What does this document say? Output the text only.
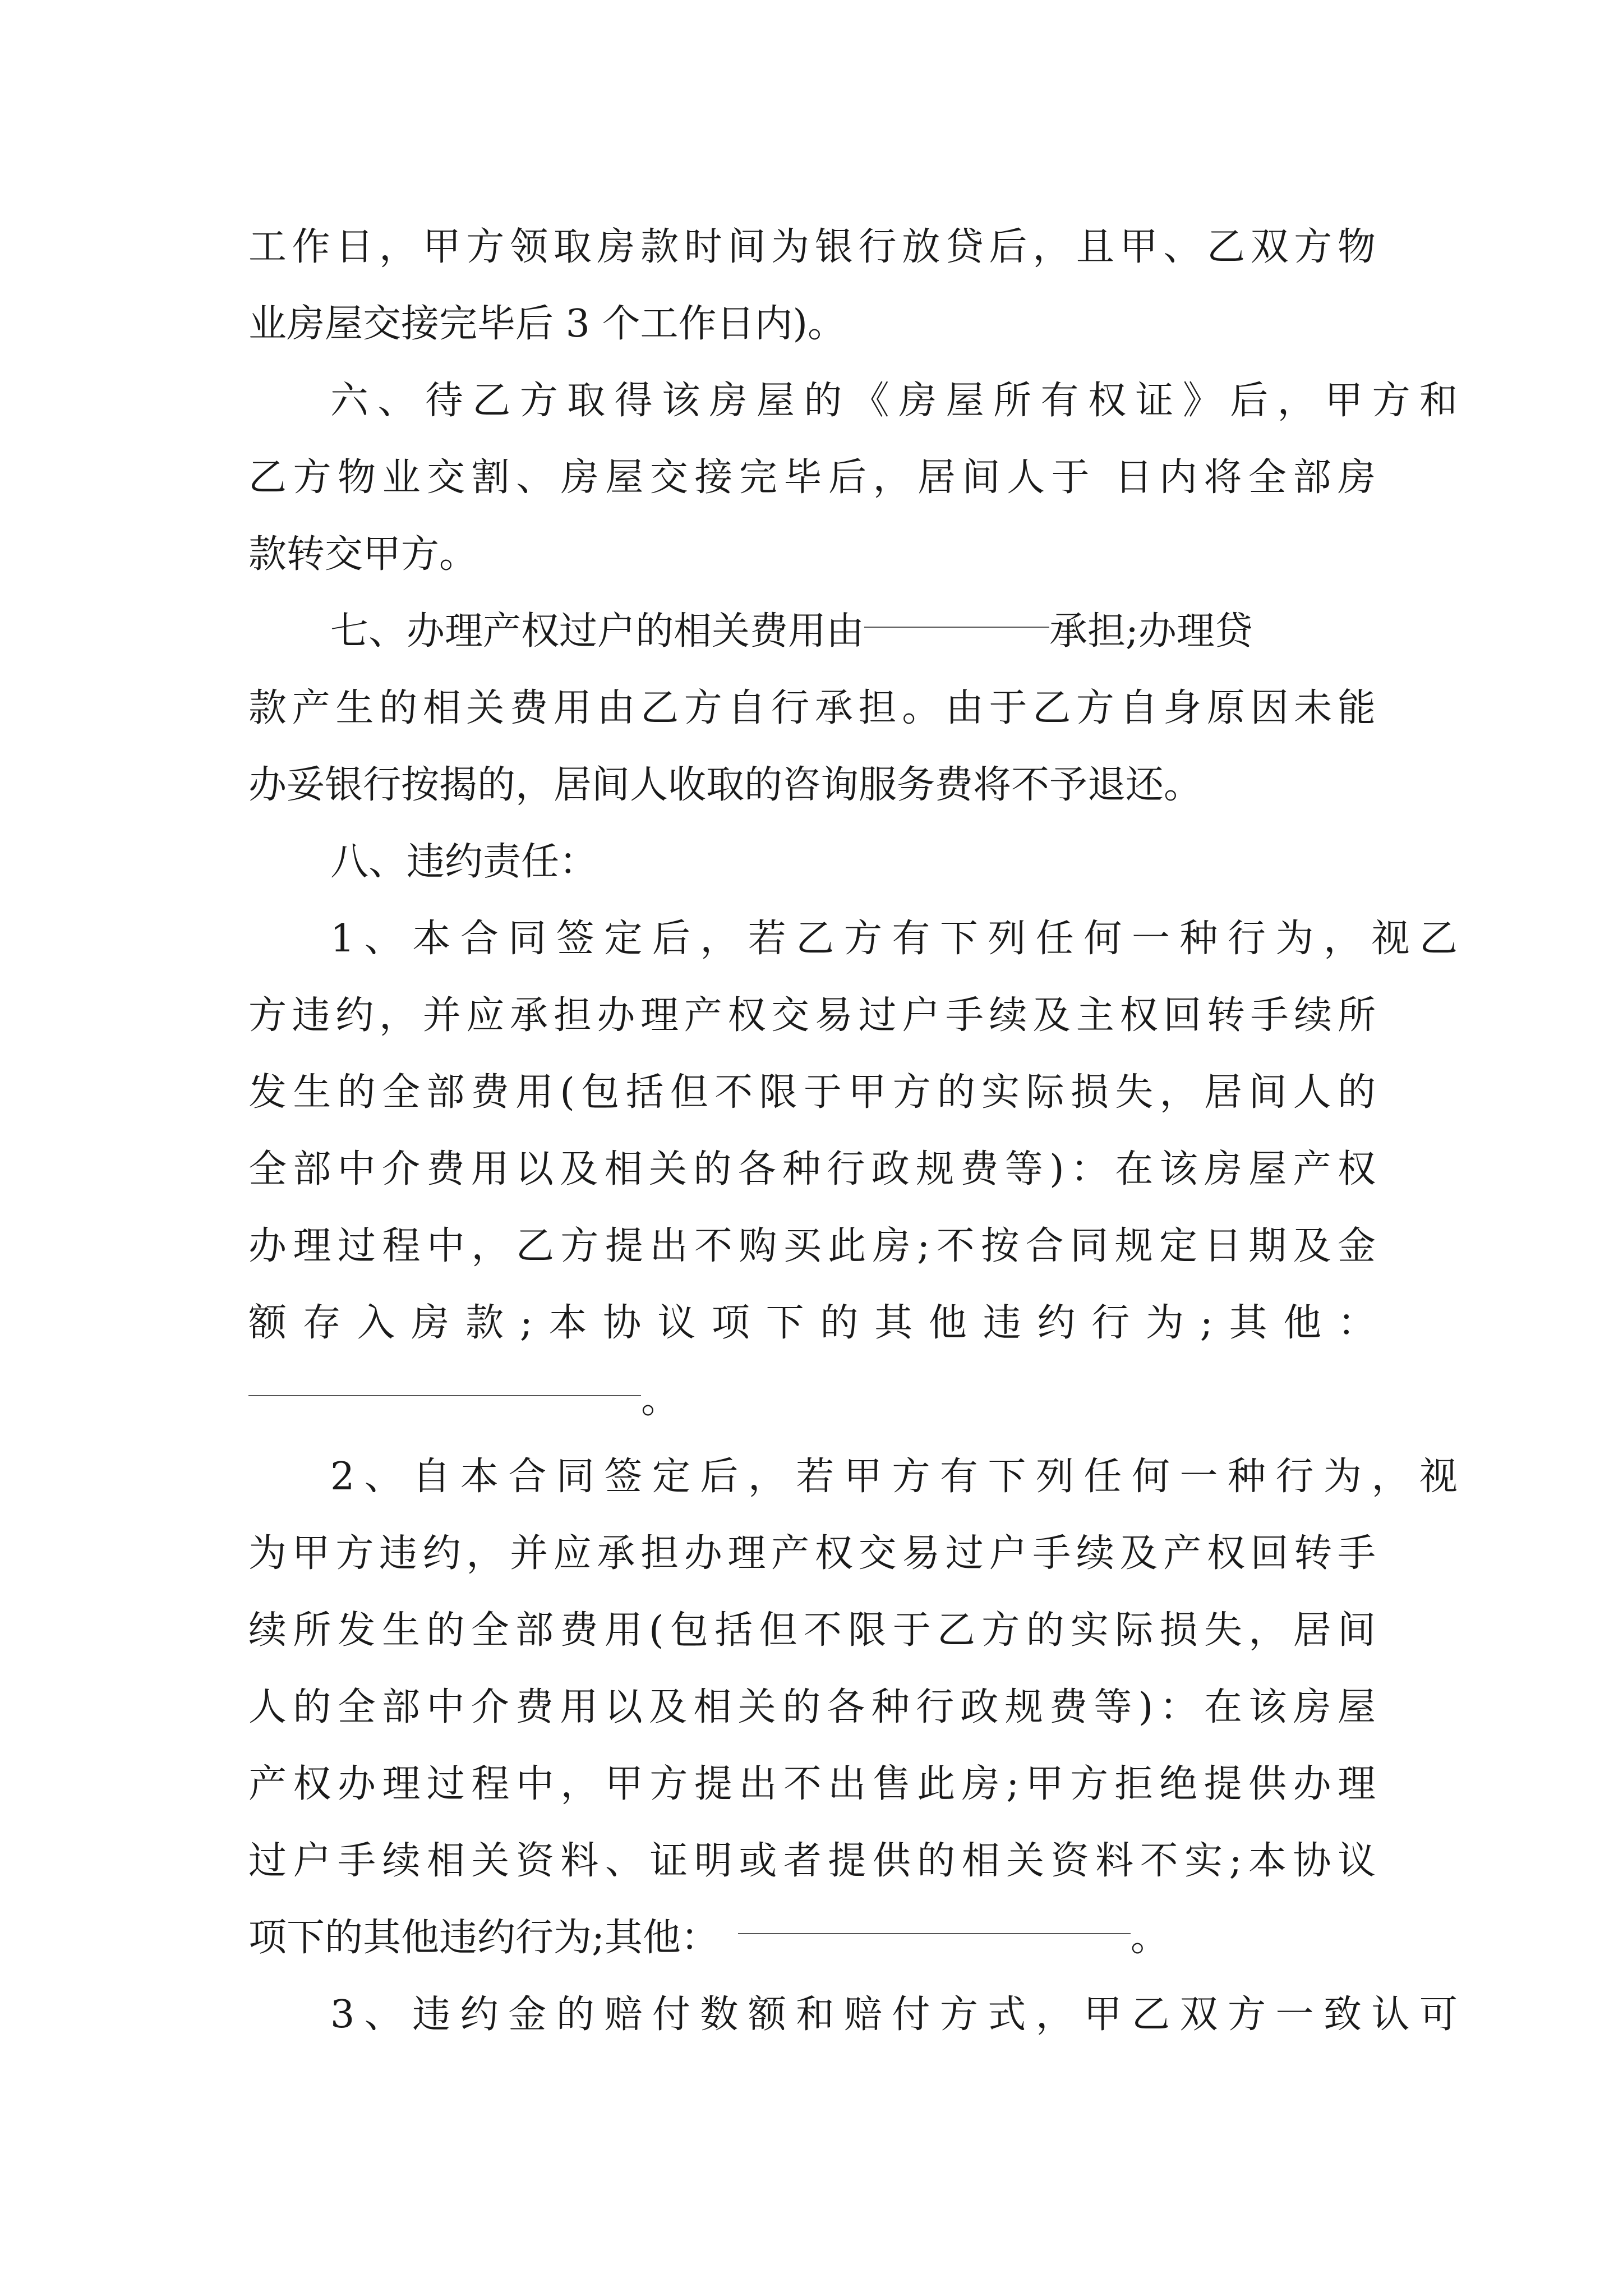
工作日，甲方领取房款时间为银行放贷后，且甲、乙双方物
业房屋交接完毕后 3 个工作日内)。
六、待乙方取得该房屋的《房屋所有权证》后，甲方和
乙方物业交割、房屋交接完毕后，居间人于 日内将全部房
款转交甲方。
七、办理产权过户的相关费用由	承担;办理贷
款产生的相关费用由乙方自行承担。由于乙方自身原因未能
办妥银行按揭的，居间人收取的咨询服务费将不予退还。
八、违约责任：
1、本合同签定后，若乙方有下列任何一种行为，视乙
方违约，并应承担办理产权交易过户手续及主权回转手续所
发生的全部费用(包括但不限于甲方的实际损失，居间人的
全部中介费用以及相关的各种行政规费等)：在该房屋产权
办理过程中，乙方提出不购买此房;不按合同规定日期及金
额存入房款;本协议项下的其他违约行为;其他：
。
2、自本合同签定后，若甲方有下列任何一种行为，视
为甲方违约，并应承担办理产权交易过户手续及产权回转手
续所发生的全部费用(包括但不限于乙方的实际损失，居间
人的全部中介费用以及相关的各种行政规费等)：在该房屋
产权办理过程中，甲方提出不出售此房;甲方拒绝提供办理
过户手续相关资料、证明或者提供的相关资料不实;本协议
项下的其他违约行为;其他：	。
3、违约金的赔付数额和赔付方式，甲乙双方一致认可
